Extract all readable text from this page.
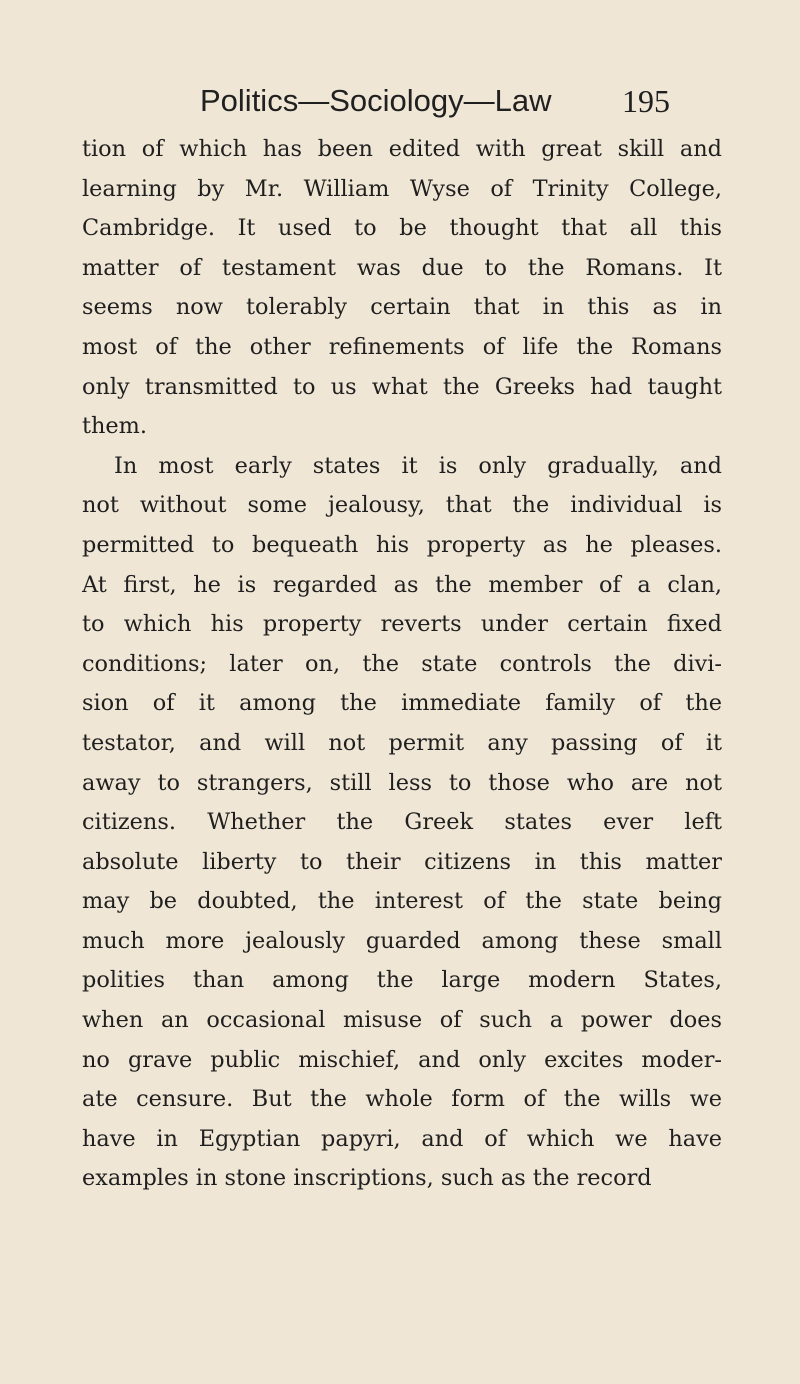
Politics—Sociology—Law 195
tion of which has been edited with great skill and
learning by Mr. William Wyse of Trinity College,
Cambridge. It used to be thought that all this
matter of testament was due to the Romans. It
seems now tolerably certain that in this as in
most of the other refinements of life the Romans
only transmitted to us what the Greeks had taught
them.
In most early states it is only gradually, and
not without some jealousy, that the individual is
permitted to bequeath his property as he pleases.
At first, he is regarded as the member of a clan,
to which his property reverts under certain fixed
conditions; later on, the state controls the divi-
sion of it among the immediate family of the
testator, and will not permit any passing of it
away to strangers, still less to those who are not
citizens. Whether the Greek states ever left
absolute liberty to their citizens in this matter
may be doubted, the interest of the state being
much more jealously guarded among these small
polities than among the large modern States,
when an occasional misuse of such a power does
no grave public mischief, and only excites moder-
ate censure. But the whole form of the wills we
have in Egyptian papyri, and of which we have
examples in stone inscriptions, such as the record
